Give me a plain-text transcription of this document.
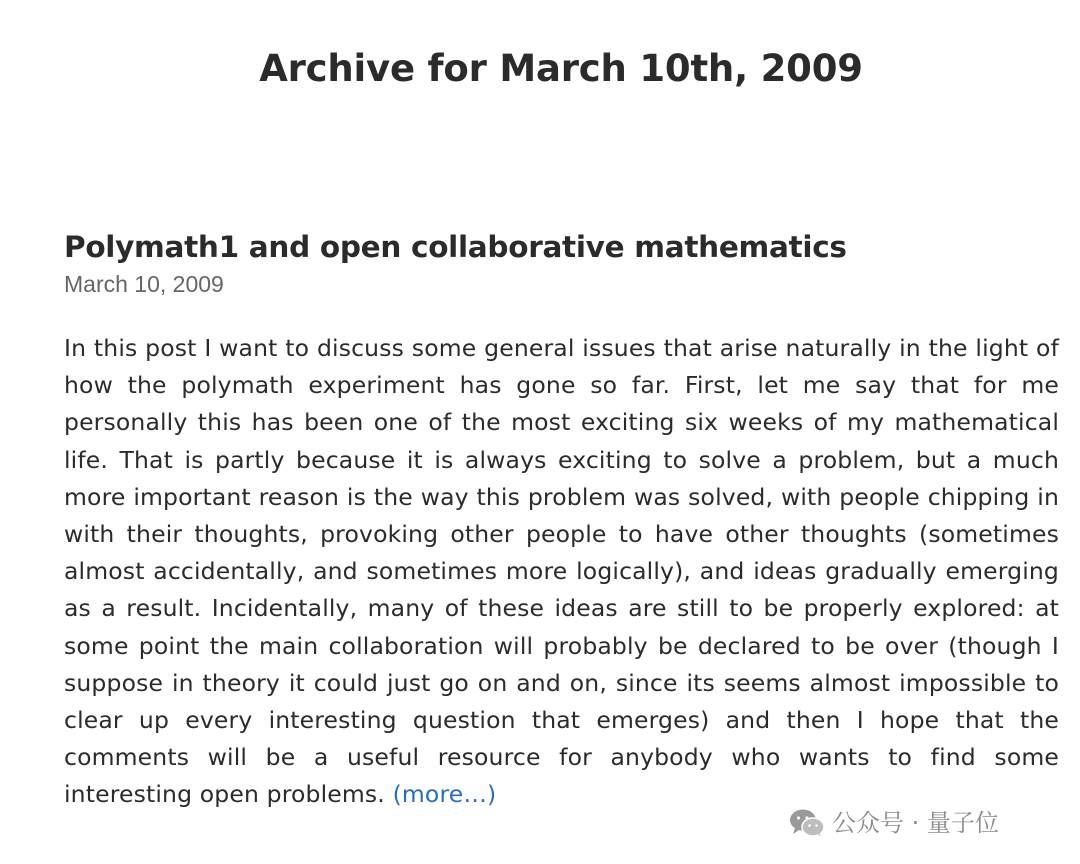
Archive for March 10th, 2009
Polymath1 and open collaborative mathematics
March 10, 2009

In this post I want to discuss some general issues that arise naturally in the light of how the polymath experiment has gone so far. First, let me say that for me personally this has been one of the most exciting six weeks of my mathematical life. That is partly because it is always exciting to solve a problem, but a much more important reason is the way this problem was solved, with people chipping in with their thoughts, provoking other people to have other thoughts (sometimes almost accidentally, and sometimes more logically), and ideas gradually emerging as a result. Incidentally, many of these ideas are still to be properly explored: at some point the main collaboration will probably be declared to be over (though I suppose in theory it could just go on and on, since its seems almost impossible to clear up every interesting question that emerges) and then I hope that the comments will be a useful resource for anybody who wants to find some interesting open problems. (more…)

公众号 · 量子位
